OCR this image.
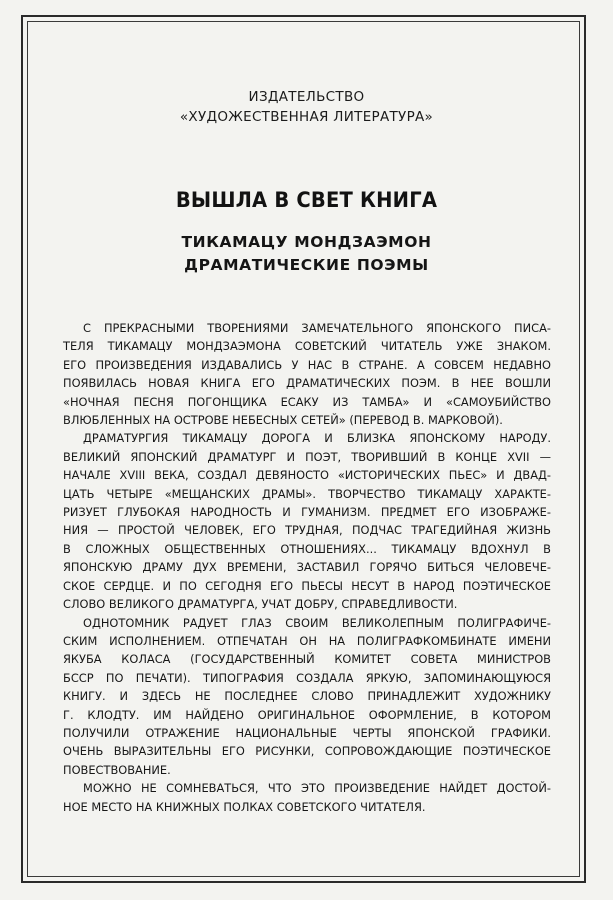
ИЗДАТЕЛЬСТВО
«ХУДОЖЕСТВЕННАЯ ЛИТЕРАТУРА»
ВЫШЛА В СВЕТ КНИГА
ТИКАМАЦУ МОНДЗАЭМОН
ДРАМАТИЧЕСКИЕ ПОЭМЫ
С ПРЕКРАСНЫМИ ТВОРЕНИЯМИ ЗАМЕЧАТЕЛЬНОГО ЯПОНСКОГО ПИСА-
ТЕЛЯ ТИКАМАЦУ МОНДЗАЭМОНА СОВЕТСКИЙ ЧИТАТЕЛЬ УЖЕ ЗНАКОМ.
ЕГО ПРОИЗВЕДЕНИЯ ИЗДАВАЛИСЬ У НАС В СТРАНЕ. А СОВСЕМ НЕДАВНО
ПОЯВИЛАСЬ НОВАЯ КНИГА ЕГО ДРАМАТИЧЕСКИХ ПОЭМ. В НЕЕ ВОШЛИ
«НОЧНАЯ ПЕСНЯ ПОГОНЩИКА ЕСАКУ ИЗ ТАМБА» И «САМОУБИЙСТВО
ВЛЮБЛЕННЫХ НА ОСТРОВЕ НЕБЕСНЫХ СЕТЕЙ» (ПЕРЕВОД В. МАРКОВОЙ).
ДРАМАТУРГИЯ ТИКАМАЦУ ДОРОГА И БЛИЗКА ЯПОНСКОМУ НАРОДУ.
ВЕЛИКИЙ ЯПОНСКИЙ ДРАМАТУРГ И ПОЭТ, ТВОРИВШИЙ В КОНЦЕ XVII —
НАЧАЛЕ XVIII ВЕКА, СОЗДАЛ ДЕВЯНОСТО «ИСТОРИЧЕСКИХ ПЬЕС» И ДВАД-
ЦАТЬ ЧЕТЫРЕ «МЕЩАНСКИХ ДРАМЫ». ТВОРЧЕСТВО ТИКАМАЦУ ХАРАКТЕ-
РИЗУЕТ ГЛУБОКАЯ НАРОДНОСТЬ И ГУМАНИЗМ. ПРЕДМЕТ ЕГО ИЗОБРАЖЕ-
НИЯ — ПРОСТОЙ ЧЕЛОВЕК, ЕГО ТРУДНАЯ, ПОДЧАС ТРАГЕДИЙНАЯ ЖИЗНЬ
В СЛОЖНЫХ ОБЩЕСТВЕННЫХ ОТНОШЕНИЯХ... ТИКАМАЦУ ВДОХНУЛ В
ЯПОНСКУЮ ДРАМУ ДУХ ВРЕМЕНИ, ЗАСТАВИЛ ГОРЯЧО БИТЬСЯ ЧЕЛОВЕЧЕ-
СКОЕ СЕРДЦЕ. И ПО СЕГОДНЯ ЕГО ПЬЕСЫ НЕСУТ В НАРОД ПОЭТИЧЕСКОЕ
СЛОВО ВЕЛИКОГО ДРАМАТУРГА, УЧАТ ДОБРУ, СПРАВЕДЛИВОСТИ.
ОДНОТОМНИК РАДУЕТ ГЛАЗ СВОИМ ВЕЛИКОЛЕПНЫМ ПОЛИГРАФИЧЕ-
СКИМ ИСПОЛНЕНИЕМ. ОТПЕЧАТАН ОН НА ПОЛИГРАФКОМБИНАТЕ ИМЕНИ
ЯКУБА КОЛАСА (ГОСУДАРСТВЕННЫЙ КОМИТЕТ СОВЕТА МИНИСТРОВ
БССР ПО ПЕЧАТИ). ТИПОГРАФИЯ СОЗДАЛА ЯРКУЮ, ЗАПОМИНАЮЩУЮСЯ
КНИГУ. И ЗДЕСЬ НЕ ПОСЛЕДНЕЕ СЛОВО ПРИНАДЛЕЖИТ ХУДОЖНИКУ
Г. КЛОДТУ. ИМ НАЙДЕНО ОРИГИНАЛЬНОЕ ОФОРМЛЕНИЕ, В КОТОРОМ
ПОЛУЧИЛИ ОТРАЖЕНИЕ НАЦИОНАЛЬНЫЕ ЧЕРТЫ ЯПОНСКОЙ ГРАФИКИ.
ОЧЕНЬ ВЫРАЗИТЕЛЬНЫ ЕГО РИСУНКИ, СОПРОВОЖДАЮЩИЕ ПОЭТИЧЕСКОЕ
ПОВЕСТВОВАНИЕ.
МОЖНО НЕ СОМНЕВАТЬСЯ, ЧТО ЭТО ПРОИЗВЕДЕНИЕ НАЙДЕТ ДОСТОЙ-
НОЕ МЕСТО НА КНИЖНЫХ ПОЛКАХ СОВЕТСКОГО ЧИТАТЕЛЯ.
